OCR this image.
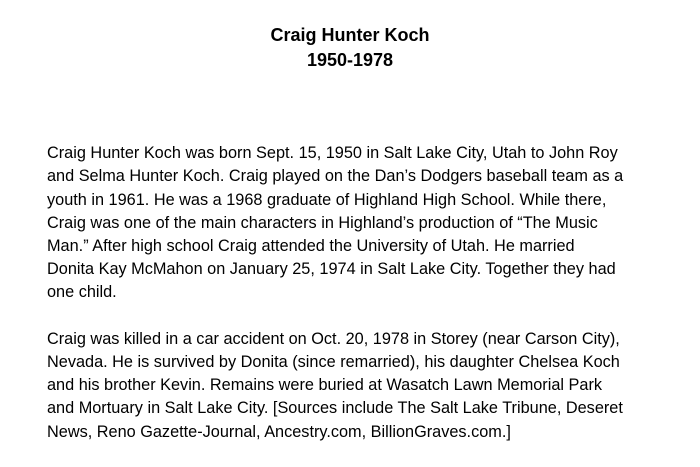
Craig Hunter Koch
1950-1978

Craig Hunter Koch was born Sept. 15, 1950 in Salt Lake City, Utah to John Roy
and Selma Hunter Koch. Craig played on the Dan’s Dodgers baseball team as a
youth in 1961. He was a 1968 graduate of Highland High School. While there,
Craig was one of the main characters in Highland’s production of “The Music
Man.” After high school Craig attended the University of Utah. He married
Donita Kay McMahon on January 25, 1974 in Salt Lake City. Together they had
one child.

Craig was killed in a car accident on Oct. 20, 1978 in Storey (near Carson City),
Nevada. He is survived by Donita (since remarried), his daughter Chelsea Koch
and his brother Kevin. Remains were buried at Wasatch Lawn Memorial Park
and Mortuary in Salt Lake City. [Sources include The Salt Lake Tribune, Deseret
News, Reno Gazette-Journal, Ancestry.com, BillionGraves.com.]
